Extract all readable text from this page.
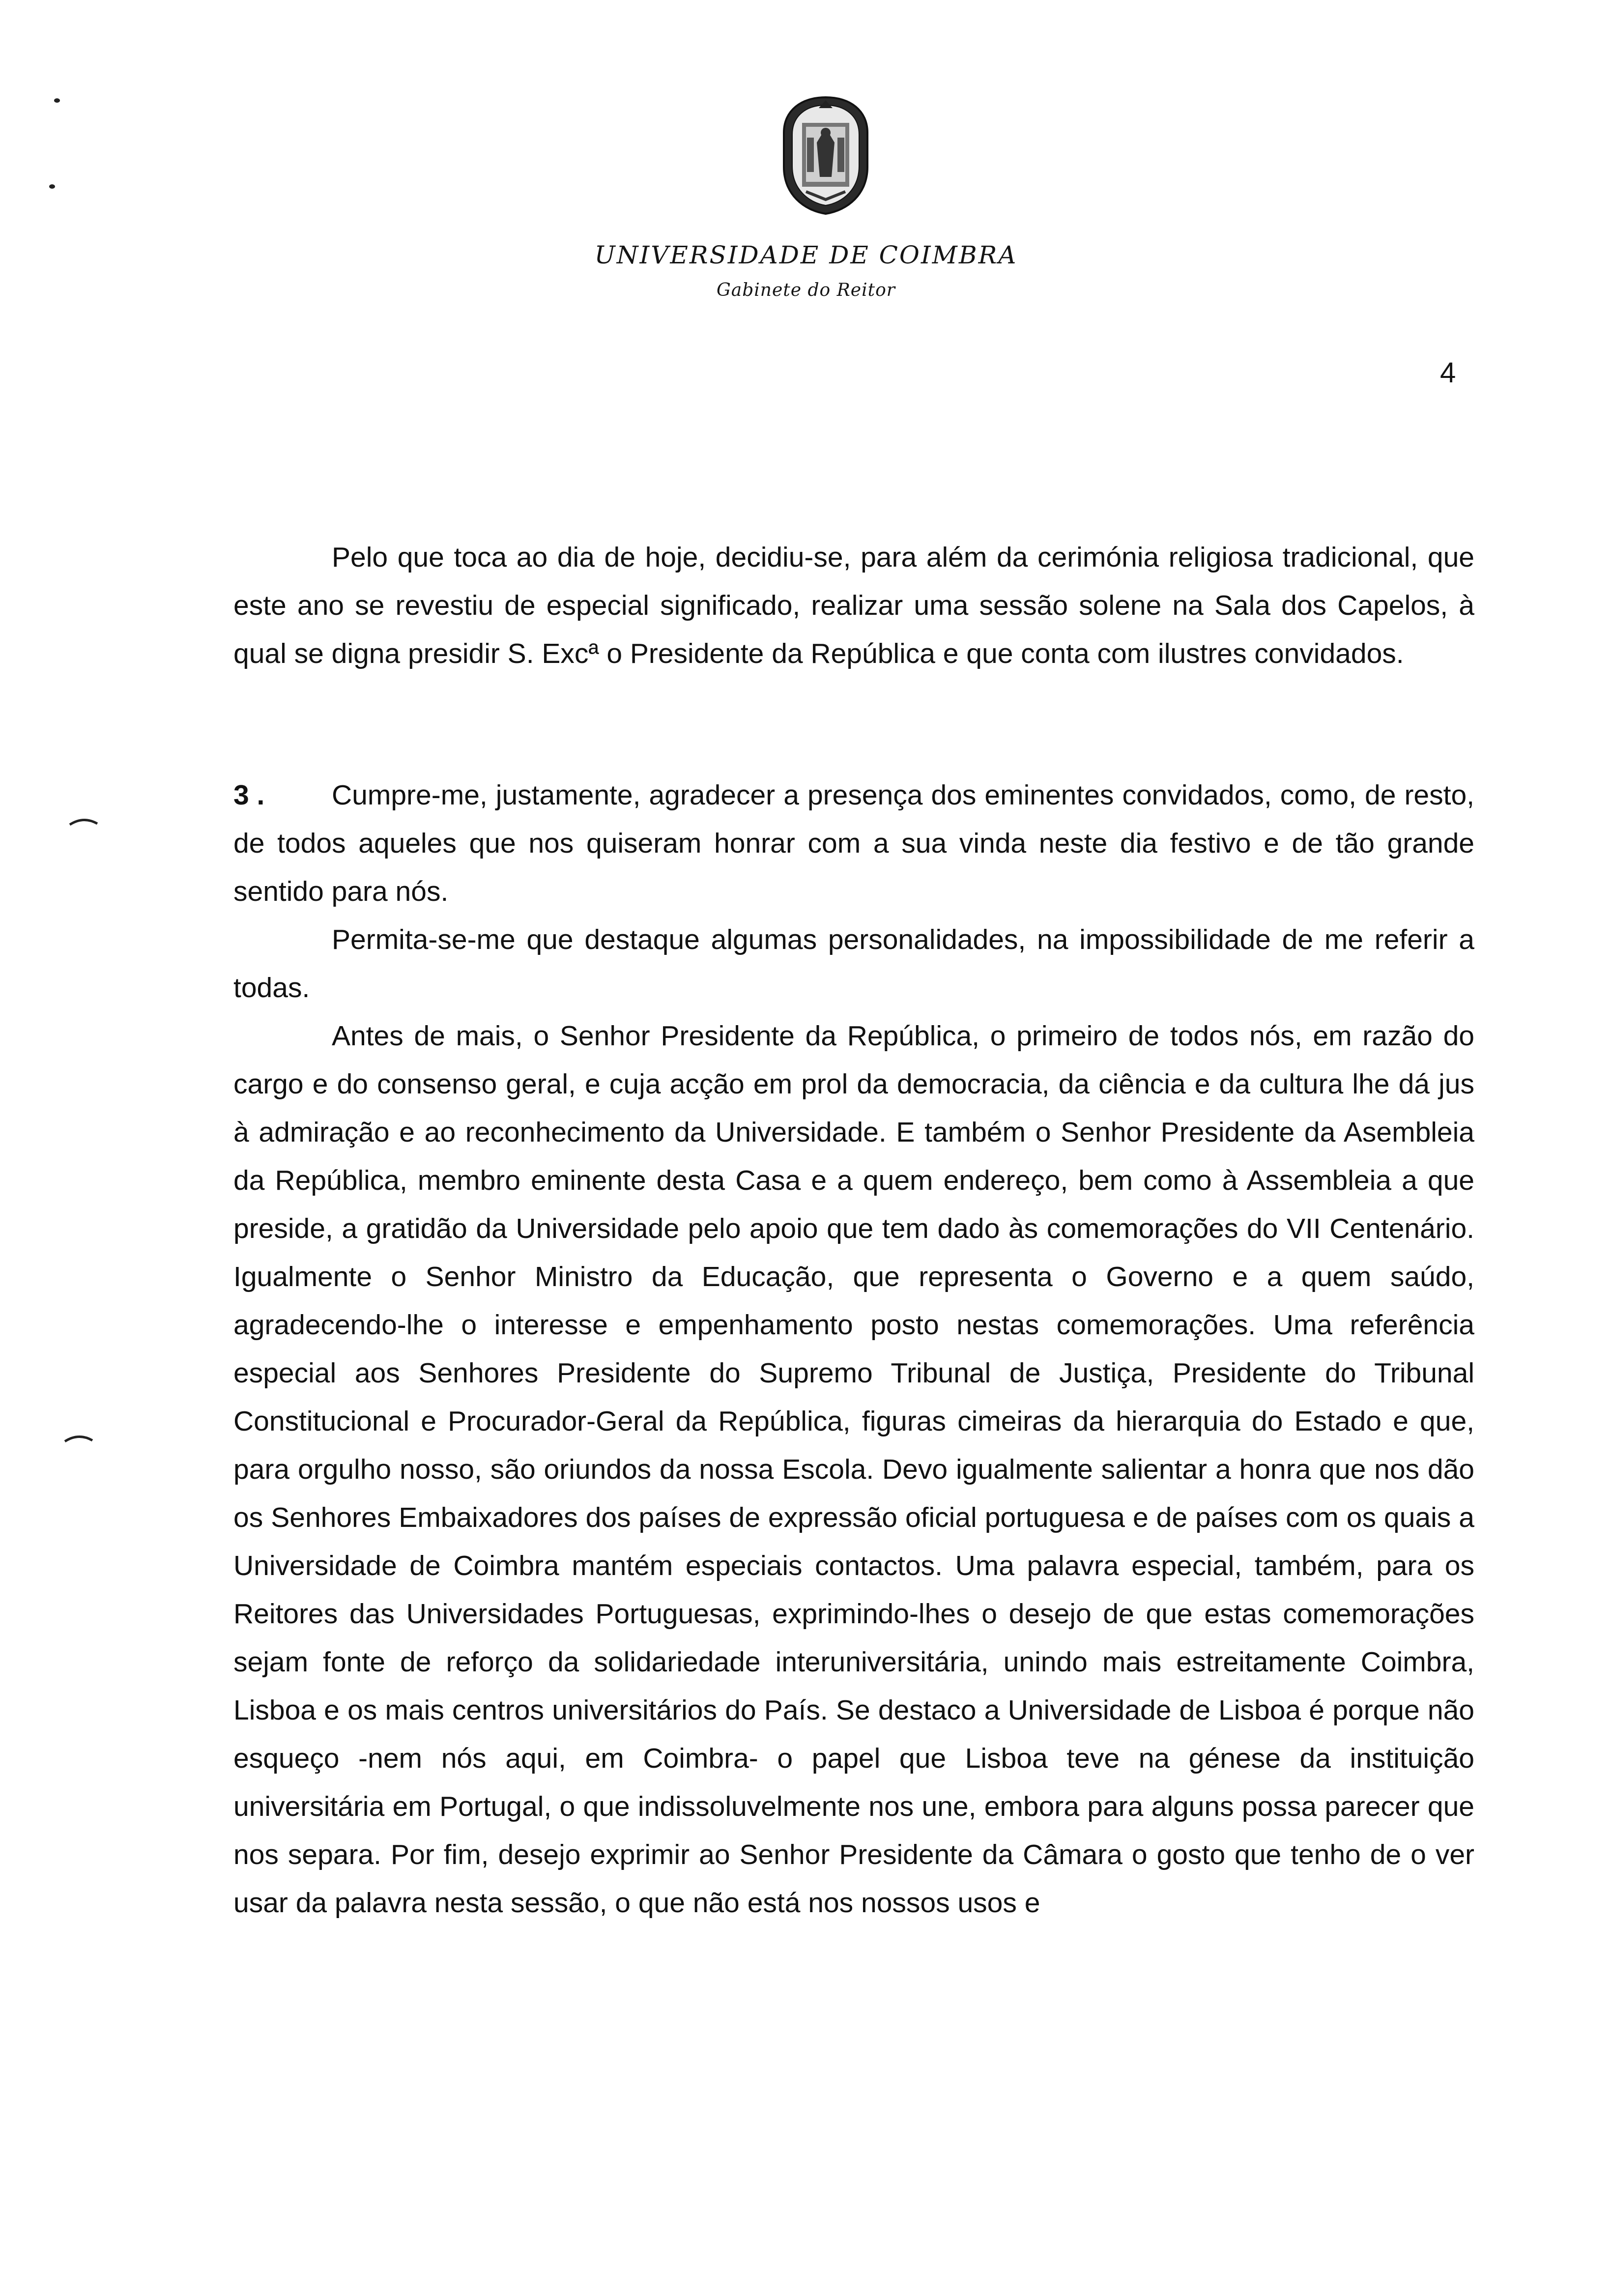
UNIVERSIDADE DE COIMBRA
Gabinete do Reitor
4

Pelo que toca ao dia de hoje, decidiu-se, para além da cerimónia religiosa tradicional, que este ano se revestiu de especial significado, realizar uma sessão solene na Sala dos Capelos, à qual se digna presidir S. Excª o Presidente da República e que conta com ilustres convidados.

3 . Cumpre-me, justamente, agradecer a presença dos eminentes convidados, como, de resto, de todos aqueles que nos quiseram honrar com a sua vinda neste dia festivo e de tão grande sentido para nós.

Permita-se-me que destaque algumas personalidades, na impossibilidade de me referir a todas.

Antes de mais, o Senhor Presidente da República, o primeiro de todos nós, em razão do cargo e do consenso geral, e cuja acção em prol da democracia, da ciência e da cultura lhe dá jus à admiração e ao reconhecimento da Universidade. E também o Senhor Presidente da Asembleia da República, membro eminente desta Casa e a quem endereço, bem como à Assembleia a que preside, a gratidão da Universidade pelo apoio que tem dado às comemorações do VII Centenário. Igualmente o Senhor Ministro da Educação, que representa o Governo e a quem saúdo, agradecendo-lhe o interesse e empenhamento posto nestas comemorações. Uma referência especial aos Senhores Presidente do Supremo Tribunal de Justiça, Presidente do Tribunal Constitucional e Procurador-Geral da República, figuras cimeiras da hierarquia do Estado e que, para orgulho nosso, são oriundos da nossa Escola. Devo igualmente salientar a honra que nos dão os Senhores Embaixadores dos países de expressão oficial portuguesa e de países com os quais a Universidade de Coimbra mantém especiais contactos. Uma palavra especial, também, para os Reitores das Universidades Portuguesas, exprimindo-lhes o desejo de que estas comemorações sejam fonte de reforço da solidariedade interuniversitária, unindo mais estreitamente Coimbra, Lisboa e os mais centros universitários do País. Se destaco a Universidade de Lisboa é porque não esqueço -nem nós aqui, em Coimbra- o papel que Lisboa teve na génese da instituição universitária em Portugal, o que indissoluvelmente nos une, embora para alguns possa parecer que nos separa. Por fim, desejo exprimir ao Senhor Presidente da Câmara o gosto que tenho de o ver usar da palavra nesta sessão, o que não está nos nossos usos e
